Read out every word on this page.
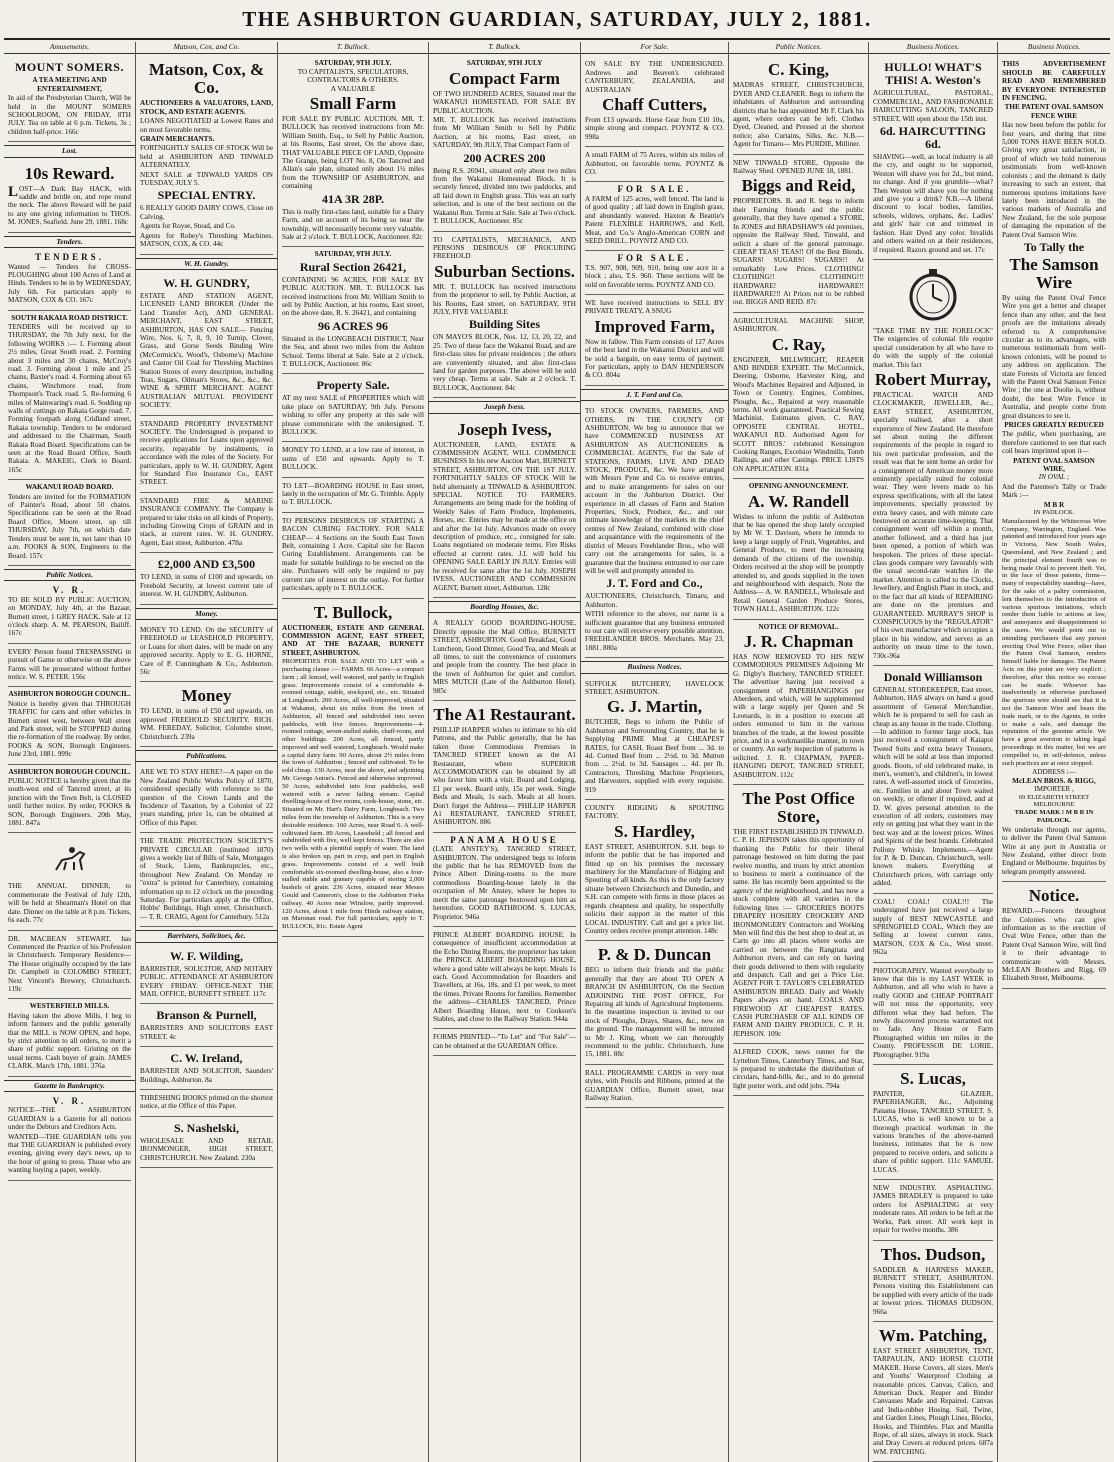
THE ASHBURTON GUARDIAN, SATURDAY, JULY 2, 1881.
Amusements.
MOUNT SOMERS.
A TEA MEETING AND ENTERTAINMENT,
In aid of the Presbyterian Church, Will be held in the MOUNT SOMERS SCHOOLROOM, ON FRIDAY, 8TH JULY. Tea on table at 6 p.m. Tickets, 3s ; children half-price. 166c
Lost.
10s Reward.
LOST—A Dark Bay HACK, with saddle and bridle on, and rope round the neck. The above Reward will be paid to any one giving information to THOS. M. JONES, Seafield. June 29, 1881. 168c
Tenders.
TENDERS.
Wanted — Tenders for CROSS-PLOUGHING about 100 Acres of Land at Hinds. Tenders to be in by WEDNESDAY, July 6th. For particulars apply to MATSON, COX & CO. 167c
SOUTH RAKAIA ROAD DISTRICT.
TENDERS will be received up to THURSDAY, the 7th July next, for the following WORKS :— 1. Forming about 2½ miles, Great South road. 2. Forming about 3 miles and 30 chains, McCroy's road. 3. Forming about 1 mile and 25 chains, Baxter's road. 4. Forming about 65 chains, Winchmore road, from Thompson's Track road. 5. Re-forming 6 miles of Mainwaring's road. 6. Sodding up walls of cuttings on Rakaia Gorge road. 7. Forming footpath along Cridland street, Rakaia township. Tenders to be endorsed and addressed to the Chairman, South Rakaia Road Board. Specifications can be seen at the Road Board Office, South Rakaia. A. MAKEIG, Clerk to Board. 165c
WAKANUI ROAD BOARD.
Tenders are invited for the FORMATION of Painter's Road, about 50 chains. Specifications can be seen at the Road Board Office, Moore street, up till THURSDAY, July 7th, on which date Tenders must be sent in, not later than 10 a.m. FOOKS & SON, Engineers to the Board. 157c
Public Notices.
V. R.
TO BE SOLD BY PUBLIC AUCTION, on MONDAY, July 4th, at the Bazaar, Burnett street, 1 GREY HACK. Sale at 12 o'clock sharp. A. M. PEARSON, Bailiff. 167c
EVERY Person found TRESPASSING in pursuit of Game or otherwise on the above Farms will be prosecuted without further notice. W. S. PETER. 156c
ASHBURTON BOROUGH COUNCIL.
Notice is hereby given that THROUGH TRAFFIC for carts and other vehicles in Burnett street west, between Wall street and Park street, will be STOPPED during the re-formation of the roadway. By order, FOOKS & SON, Borough Engineers. June 23rd, 1881. 999c
ASHBURTON BOROUGH COUNCIL.
PUBLIC NOTICE is hereby given that the south-west end of Tancred street, at its junction with the Town Belt, is CLOSED until further notice. By order, FOOKS & SON, Borough Engineers. 20th May, 1881. 847a
THE ANNUAL DINNER, to commemorate the Festival of July 12th, will be held at Shearman's Hotel on that date. Dinner on the table at 8 p.m. Tickets, 6s each. 77c
DR. MACBEAN STEWART, has Commenced the Practice of his Profession in Christchurch. Temporary Residence—The House originally occupied by the late Dr. Campbell in COLOMBO STREET, Next Vincent's Brewery, Christchurch. 119c
WESTERFIELD MILLS.
Having taken the above Mills, I beg to inform farmers and the public generally that the MILL is NOW OPEN, and hope, by strict attention to all orders, to merit a share of public support. Gristing on the usual terms. Cash buyer of grain. JAMES CLARK. March 17th, 1881. 376a
Gazette in Bankruptcy.
V. R.
NOTICE—THE ASHBURTON GUARDIAN is a Gazette for all notices under the Debtors and Creditors Acts.
WANTED—THE GUARDIAN tells you that THE GUARDIAN is published every evening, giving every day's news, up to the hour of going to press. Those who are wanting buying a paper, weekly.
Matson, Cox, and Co.
Matson, Cox, & Co.
AUCTIONEERS & VALUATORS, LAND, STOCK, AND ESTATE AGENTS.
LOANS NEGOTIATED at Lowest Rates and on most favorable terms.
GRAIN MERCHANTS.
FORTNIGHTLY SALES OF STOCK Will be held at ASHBURTON AND TINWALD ALTERNATELY.
NEXT SALE at TINWALD YARDS ON TUESDAY, JULY 5.
SPECIAL ENTRY.
6 REALLY GOOD DAIRY COWS, Close on Calving.
Agents for Royse, Stead, and Co.
Agents for Robey's Threshing Machines. MATSON, COX, & CO. 44c
W. H. Gundry.
W. H. GUNDRY,
ESTATE AND STATION AGENT, LICENSED LAND BROKER (Under the Land Transfer Act), AND GENERAL MERCHANT, EAST STREET, ASHBURTON, HAS ON SALE— Fencing Wire, Nos. 6, 7, 8, 9, 10 Turnip, Clover, Grass, and Gorse Seeds Binding Wire (McCormick's, Wood's, Osborne's) Machine and Castor Oil Coal for Threshing Machines Station Stores of every description, including Teas, Sugars, Oilman's Stores, &c., &c., &c. WINE & SPIRIT MERCHANT. AGENT AUSTRALIAN MUTUAL PROVIDENT SOCIETY.
STANDARD PROPERTY INVESTMENT SOCIETY. The Undersigned is prepared to receive applications for Loans upon approved security, repayable by instalments, in accordance with the rules of the Society. For particulars, apply to W. H. GUNDRY, Agent for Standard Fire Insurance Co., EAST STREET.
STANDARD FIRE & MARINE INSURANCE COMPANY. The Company is prepared to take risks on all kinds of Property, including Growing Crops of GRAIN and in stack, at current rates. W. H. GUNDRY, Agent, East street, Ashburton. 478a
£2,000 AND £3,500
TO LEND, in sums of £100 and upwards, on Freehold Security, at lowest current rate of interest. W. H. GUNDRY, Ashburton.
Money.
MONEY TO LEND. On the SECURITY of FREEHOLD or LEASEHOLD PROPERTY, or Loans for short dates, will be made on any approved security. Apply to E. G. HORNE, Care of P. Cunningham & Co., Ashburton. 56c
Money
TO LEND, in sums of £50 and upwards, on approved FREEHOLD SECURITY. RICH. WM. FEREDAY, Solicitor, Colombo street, Christchurch. 239a
Publications.
ARE WE TO STAY HERE?—A paper on the New Zealand Public Works Policy of 1870, considered specially with reference to the question of the Crown Lands and the Incidence of Taxation, by a Colonist of 22 years standing, price 1s, can be obtained at Office of this Paper.
THE TRADE PROTECTION SOCIETY'S PRIVATE CIRCULAR (instituted 1870) gives a weekly list of Bills of Sale, Mortgages of Stock, Liens, Bankruptcies, etc., throughout New Zealand. On Monday re "extra" is printed for Canterbury, containing information up to 12 o'clock on the preceding Saturday. For particulars apply at the Office, Hobbs' Buildings, High street, Christchurch.— T. R. CRAIG, Agent for Canterbury. 512a
Barristers, Solicitors, &c.
W. F. Wilding,
BARRISTER, SOLICITOR, AND NOTARY PUBLIC. ATTENDANCE AT ASHBURTON EVERY FRIDAY. OFFICE-NEXT THE MAIL OFFICE, BURNETT STREET. 117c
Branson & Purnell,
BARRISTERS AND SOLICITORS EAST STREET. 4c
C. W. Ireland,
BARRISTER AND SOLICITOR, Saunders' Buildings, Ashburton. 8a
THRESHING BOOKS printed on the shortest notice, at the Office of this Paper.
S. Nashelski,
WHOLESALE AND RETAIL IRONMONGER, HIGH STREET, CHRISTCHURCH. New Zealand. 230a
T. Bullock.
SATURDAY, 9TH JULY.
TO CAPITALISTS, SPECULATORS, CONTRACTORS & OTHERS.
A VALUABLE
Small Farm
FOR SALE BY PUBLIC AUCTION. MR. T. BULLOCK has received instructions from Mr. William Smith, Esq., to Sell by Public Auction, at his Rooms, East street, On the above date, THAT VALUABLE PIECE OF LAND, Opposite The Grange, being LOT No. 8, On Tancred and Allan's sale plan, situated only about 1½ miles from the TOWNSHIP OF ASHBURTON, and containing
41A 3R 28P.
This is really first-class land, suitable for a Dairy Farm, and on account of its being so near the township, will necessarily become very valuable. Sale at 2 o'clock. T. BULLOCK, Auctioneer. 82c
SATURDAY, 9TH JULY.
Rural Section 26421,
CONTAINING 96 ACRES, FOR SALE BY PUBLIC AUCTION. MR. T. BULLOCK has received instructions from Mr. William Smith to sell by Public Auction, at his rooms, East street, on the above date, R. S. 26421, and containing
96 ACRES 96
Situated in the LONGBEACH DISTRICT, Near the Sea, and about two miles from the Ashton School. Terms liberal at Sale. Sale at 2 o'clock. T. BULLOCK, Auctioneer. 86c
Property Sale.
AT my next SALE of PROPERTIES which will take place on SATURDAY, 9th July. Persons wishing to offer any property at this sale will please communicate with the undersigned. T. BULLOCK.
MONEY TO LEND, at a low rate of interest, in sums of £50 and upwards. Apply to T. BULLOCK.
TO LET—BOARDING HOUSE in East street, lately in the occupation of Mr. G. Trimble. Apply to T. BULLOCK.
TO PERSONS DESIROUS OF STARTING A BACON CURING FACTORY. FOR SALE CHEAP— 4 Sections on the South East Town Belt, containing 1 Acre. Capital site for Bacon Curing Establishment. Arrangements can be made for suitable buildings to be erected on the site. Purchasers will only be required to pay current rate of interest on the outlay. For further particulars, apply to T. BULLOCK.
T. Bullock,
AUCTIONEER, ESTATE AND GENERAL COMMISSION AGENT, EAST STREET, AND AT THE BAZAAR, BURNETT STREET, ASHBURTON.
PROPERTIES FOR SALE AND TO LET with a purchasing clause :— FARMS. 66 Acres—a compact farm ; all fenced, well watered, and partly in English grass. Improvements consist of a comfortable 4-roomed cottage, stable, stockyard, etc., etc. Situated at Longbeach. 200 Acres, all well-improved, situated at Wakanui, about six miles from the town of Ashburton, all fenced and subdivided into seven paddocks, with live fences. Improvements—4-roomed cottage, seven-stalled stable, chaff-room, and other buildings. 200 Acres, all fenced, partly improved and well watered, Longbeach. Would make a capital dairy farm. 90 Acres, about 2½ miles from the town of Ashburton ; fenced and cultivated. To be sold cheap. 130 Acres, near the above, and adjoining Mr. George Anton's. Fenced and otherwise improved. 50 Acres, subdivided into four paddocks, well watered with a never failing stream. Capital dwelling-house of five rooms, cook-house, stone, etc. Situated on Mr. Hart's Dairy Farm, Longbeach. Two miles from the township of Ashburton. This is a very desirable residence. 160 Acres, near Road 6. A well-cultivated farm. 89 Acres, Leaseheld ; all fenced and subdivided with five, well kept fences. There are also two wells with a plentiful supply of water. The land is also broken up, part in crop, and part in English grass. Improvements consist of a well built comfortable six-roomed dwelling-house, also a four-stalled stable and granary capable of storing 2,000 bushels of grain. 236 Acres, situated near Messrs Gould and Cameron's, close to the Ashburton Forks railway. 40 Acres near Winslow, partly improved. 120 Acres, about 1 mile from Hinds railway station, on Maronan road. For full particulars, apply to T. BULLOCK, 81c. Estate Agent
T. Bullock.
SATURDAY, 9TH JULY
Compact Farm
OF TWO HUNDRED ACRES, Situated near the WAKANUI HOMESTEAD, FOR SALE BY PUBLIC AUCTION.
MR. T. BULLOCK has received instructions from Mr William Smith to Sell by Public Auction, at his rooms, East street, on SATURDAY, 9th JULY, That Compact Farm of
200 ACRES 200
Being R.S. 26941, situated only about two miles from the Wakanui Homestead Block. It is securely fenced, divided into two paddocks, and all laid down in English grass. This was an early selection, and is one of the best sections on the Wakanui Run. Terms at Sale. Sale at Two o'clock. T. BULLOCK, Auctioneer. 85c
TO CAPITALISTS, MECHANICS, AND PERSONS DESIROUS OF PROCURING FREEHOLD
Suburban Sections.
MR. T. BULLOCK has received instructions from the proprietor to sell, by Public Auction, at his Rooms, East street, on SATURDAY, 9TH JULY, FIVE VALUABLE
Building Sites
ON MAYO'S BLOCK, Nos. 12, 13, 20, 22, and 25. Two of these face the Wakanui Road, and are first-class sites for private residences ; the others are conveniently situated, and also first-class land for garden purposes. The above will be sold very cheap. Terms at sale. Sale at 2 o'clock. T. BULLOCK, Auctioneer. 84c
Joseph Ivess.
Joseph Ivess,
AUCTIONEER, LAND, ESTATE & COMMISSION AGENT, WILL COMMENCE BUSINESS In his new Auction Mart, BURNETT STREET, ASHBURTON, ON THE 1ST JULY. FORTNIGHTLY SALES OF STOCK Will be held alternately at TINWALD & ASHBURTON. SPECIAL NOTICE TO FARMERS. Arrangements are being made for the holding of Weekly Sales of Farm Produce, Implements, Horses, etc. Entries may be made at the office on and after the 1st July. Advances made on every description of produce, etc., consigned for sale. Loans negotiated on moderate terms. Fire Risks effected at current rates. J.I. will hold his OPENING SALE EARLY IN JULY. Entries will be received for same after the 1st July. JOSEPH IVESS, AUCTIONEER AND COMMISSION AGENT, Burnett street, Ashburton. 128c
Boarding Houses, &c.
A REALLY GOOD BOARDING-HOUSE, Directly opposite the Mail Office, BURNETT STREET, ASHBURTON. Good Breakfast, Good Luncheon, Good Dinner, Good Tea, and Meals at all times, to suit the convenience of customers and people from the country. The best place in the town of Ashburton for quiet and comfort. MRS MUTCH (Late of the Ashburton Hotel). 985c
The A1 Restaurant.
PHILLIP HARPER wishes to intimate to his old Patrons, and the Public generally, that he has taken those Commodious Premises in TANCRED STREET known as the A1 Restaurant, where SUPERIOR ACCOMMODATION can be obtained by all who favor him with a visit. Board and Lodging, £1 per week. Board only, 15s per week. Single Beds and Meals, 1s each. Meals at all hours. Don't forget the Address— PHILLIP HARPER A1 RESTAURANT, TANCRED STREET, ASHBURTON. 886
PANAMA HOUSE
(LATE ANSTEY'S), TANCRED STREET, ASHBURTON. The undersigned begs to inform the public that he has REMOVED from the Prince Albert Dining-rooms to the more commodious Boarding-house lately in the occupation of Mr Anstey, where he hopes to merit the same patronage bestowed upon him as heretofore. GOOD BATHROOM. S. LUCAS, Proprietor. 946a
PRINCE ALBERT BOARDING HOUSE. In consequence of insufficient accommodation at the Echo Dining Rooms, the proprietor has taken the PRINCE ALBERT BOARDING HOUSE, where a good table will always be kept. Meals 1s each. Good Accommodation for Boarders and Travellers, at 16s, 18s, and £1 per week, to meet the times. Private Rooms for families. Remember the address—CHARLES TANCRED, Prince Albert Boarding House, next to Cookson's Stables, and close to the Railway Station. 944a
FORMS PRINTED—"To Let" and "For Sale"—can be obtained at the GUARDIAN Office.
For Sale.
ON SALE BY THE UNDERSIGNED. Andrews and Beaven's celebrated CANTERBURY, ZEALANDIA, and AUSTRALIAN
Chaff Cutters,
From £13 upwards. Horse Gear from £10 10s, simple strong and compact. POYNTZ & CO. 998a
A small FARM of 75 Acres, within six miles of Ashburton, on favorable terms. POYNTZ & CO.
FOR SALE.
A FARM of 125 acres, well fenced. The land is of good quality ; all laid down in English grass, and abundantly watered. Haxton & Beattie's Patent FLEXIBLE HARROWS, and Kell, Meat, and Co.'s Anglo-American CORN and SEED DRILL. POYNTZ AND CO.
FOR SALE.
T.S. 907, 908, 909, 910, being one acre in a block ; also, T.S. 960. These sections will be sold on favorable terms. POYNTZ AND CO.
WE have received instructions to SELL BY PRIVATE TREATY, A SNUG
Improved Farm,
Now in fallow. This Farm consists of 127 Acres of the best land in the Wakanui District and will be sold a bargain, on easy terms of payment. For particulars, apply to DAN HENDERSON & CO. 804a
J. T. Ford and Co.
TO STOCK OWNERS, FARMERS, AND OTHERS, IN THE COUNTY OF ASHBURTON. We beg to announce that we have COMMENCED BUSINESS AT ASHBURTON AS AUCTIONEERS & COMMERCIAL AGENTS, For the Sale of STATIONS, FARMS, LIVE AND DEAD STOCK, PRODUCE, &c. We have arranged with Messrs Pyne and Co. to receive entries, and to make arrangements for sales on our account in the Ashburton District. Our experience in all classes of Farm and Station Properties, Stock, Produce, &c., and our intimate knowledge of the markets in the chief centres of New Zealand, combined with close and acquaintance with the requirements of the district of Messrs Freehlander Bros., who will carry out the arrangements for sales, is a guarantee that the business entrusted to our care will be well and promptly attended to.
J. T. Ford and Co.,
AUCTIONEERS, Christchurch, Timaru, and Ashburton.
WITH reference to the above, our name is a sufficient guarantee that any business entrusted to our care will receive every possible attention. FREEHLANDER BROS. Merchants. May 23, 1881. 880a
Business Notices.
SUFFOLK BUTCHERY, HAVELOCK STREET, ASHBURTON.
G. J. Martin,
BUTCHER, Begs to inform the Public of Ashburton and Surrounding Country, that he is Supplying PRIME Meat at CHEAPEST RATES, for CASH. Roast Beef from ... 3d. to 4d. Corned Beef from ... 2½d. to 3d. Mutton from ... 2½d. to 3d. Sausages ... 4d. per lb. Contractors, Threshing Machine Proprietors, and Harvesters, supplied with every requisite. 919
COUNTY RIDGING & SPOUTING FACTORY.
S. Hardley,
EAST STREET, ASHBURTON. S.H. begs to inform the public that he has imported and fitted up on his premises the necessary machinery for the Manufacture of Ridging and Spouting of all kinds. As this is the only factory situate between Christchurch and Dunedin, and S.H. can compete with firms in those places as regards cheapness and quality, he respectfully solicits their support in the matter of this LOCAL INDUSTRY. Call and get a price list. Country orders receive prompt attention. 148c
P. & D. Duncan
BEG to inform their friends and the public generally that they are about TO OPEN A BRANCH IN ASHBURTON, On the Section ADJOINING THE POST OFFICE, For Repairing all kinds of Agricultural Implements. In the meantime inspection is invited to our stock of Ploughs, Drays, Shares, &c., now on the ground. The management will be intrusted to Mr J. King, whom we can thoroughly recommend to the public. Christchurch, June 15, 1881. 88c
RALL PROGRAMME CARDS in very neat styles, with Pencils and Ribbons, printed at the GUARDIAN Office, Burnett street, near Railway Station.
Public Notices.
C. King,
MADRAS STREET, CHRISTCHURCH, DYER AND CLEANER. Begs to inform the inhabitants of Ashburton and surrounding districts that he has appointed Mr F. Clark his agent, where orders can be left. Clothes Dyed, Cleaned, and Pressed at the shortest notice; also Curtains, Silks, &c. N.B.—Agent for Timaru— Mrs PURDIE, Milliner.
NEW TINWALD STORE, Opposite the Railway Shed. OPENED JUNE 18, 1881.
Biggs and Reid,
PROPRIETORS. B. and R. begs to inform their Farming friends and the public generally, that they have opened a STORE, In JONES and BRADSHAW'S old premises, opposite the Railway Shed, Tinwald, and solicit a share of the general patronage. CHEAP TEAS! TEAS!! Of the Best Blends. SUGARS! SUGARS! SUGARS!! At remarkably Low Prices. CLOTHING! CLOTHING!! CLOTHING!!! HARDWARE! HARDWARE!! HARDWARE!!! At Prices not to be rubbed out. BIGGS AND REID. 87c
AGRICULTURAL MACHINE SHOP, ASHBURTON.
C. Ray,
ENGINEER, MILLWRIGHT, REAPER AND BINDER EXPERT. The McCormick, Deering, Osborne, Harvester King, and Wood's Machines Repaired and Adjusted, in Town or Country. Engines, Combines, Ploughs, &c., Repaired at very reasonable terms. All work guaranteed. Practical Sewing Machinist. Estimates given. C. RAY, OPPOSITE CENTRAL HOTEL, WAKANUI RD. Authorised Agent for SCOTT BROS.' celebrated Kensington Cooking Ranges, Excelsior Windmills, Tomb Railings, and other Castings. PRICE LISTS ON APPLICATION. 831a
OPENING ANNOUNCEMENT.
A. W. Randell
Wishes to inform the public of Ashburton that he has opened the shop lately occupied by Mr W. T. Davison, where he intends to keep a large supply of Fruit, Vegetables, and General Produce, to meet the increasing demands of the citizens of the township. Orders received at the shop will be promptly attended to, and goods supplied in the town and neighbourhood with despatch. Note the Address— A. W. RANDELL, Wholesale and Retail General Garden Produce Stores, TOWN HALL, ASHBURTON. 122c
NOTICE OF REMOVAL.
J. R. Chapman
HAS NOW REMOVED TO HIS NEW COMMODIOUS PREMISES Adjoining Mr G. Digby's Butchery, TANCRED STREET. The advertiser having just received a consignment of PAPERHANGINGS per Aberdeen, and which, will be supplemented with a large supply per Queen and St Leonards, is in a position to execute all orders entrusted to him in the various branches of the trade, at the lowest possible price, and in a workmanlike manner, in town or country. An early inspection of patterns is solicited. J. R. CHAPMAN, PAPER-HANGING DEPOT, TANCRED STREET, ASHBURTON. 112c
The Post Office Store,
THE FIRST ESTABLISHED IN TINWALD. C. P. H. JEPHSON takes this opportunity of thanking the Public for their liberal patronage bestowed on him during the past twelve months, and trusts by strict attention to business to merit a continuance of the same. He has recently been appointed to the agency of the neighbourhood, and has now a stock complete with all varieties in the following lines :— GROCERIES BOOTS DRAPERY HOSIERY CROCKERY AND IRONMONGERY Contractors and Working Men will find this the best shop to deal at, as Carts go into all places where works are carried on between the Rangitata and Ashburton rivers, and can rely on having their goods delivered to them with regularity and despatch. Call and get a Price List. AGENT FOR T. TAYLOR'S CELEBRATED ASHBURTON BREAD. Daily and Weekly Papers always on hand. COALS AND FIREWOOD AT CHEAPEST RATES. CASH PURCHASER OF ALL KINDS OF FARM AND DAIRY PRODUCE. C. P. H. JEPHSON. 109c
ALFRED COOK, news runner for the Lyttelton Times, Canterbury Times, and Star, is prepared to undertake the distribution of circulars, hand-bills, &c., and to do general light porter work, and odd jobs. 794a
Business Notices.
HULLO! WHAT'S THIS! A. Weston's
AGRICULTURAL, PASTORAL, COMMERCIAL, AND FASHIONABLE HAIRCUTTING SALOON, TANCRED STREET, Will open about the 15th inst.
6d. HAIRCUTTING 6d.
SHAVING—well, as local industry is all the cry, and ought to be supported, Weston will shave you for 2d., but mind, no change. And if you grumble—what? Then Weston will shave you for nothing and give you a drink? N.B.—A liberal discount to local bodies, families, schools, widows, orphans, &c. Ladies' and girls' hair cut and trimmed in fashion. Hair Dyed any color. Invalids and others waited on at their residences, if required. Razors ground and set. 17c
"TAKE TIME BY THE FORELOCK" The exigencies of colonial life require special consideration by all who have to do with the supply of the colonial market. This fact
Robert Murray,
PRACTICAL WATCH AND CLOCKMAKER, JEWELLER, &c., EAST STREET, ASHBURTON, specially realised, after a short experience of New Zealand. He therefore set about noting the different requirements of the people in regard to his own particular profession, and the result was that he sent home an order for a consignment of American money more eminently specially suited for colonial wear. They were levers made to his express specifications, with all the latest improvements, specially protected by extra heavy cases, and with minute care bestowed on accurate time-keeping. That consignment went off within a month, another followed, and a third has just been opened, a portion of which was bespoken. The prices of these special-class goods compare very favorably with the usual second-rate watches in the market. Attention is called to the Clocks, Jewellery, and English Plate in stock, and to the fact that all kinds of REPAIRING are done on the premises and GUARANTEED. MURRAY'S SHOP is CONSPICUOUS by the "REGULATOR" of his own manufacture which occupies a place in his window, and serves as an authority on mean time to the town. 730c-96a
Donald Williamson
GENERAL STOREKEEPER, East street, Ashburton, HAS always on hand a good assortment of General Merchandise, which he is prepared to sell for cash as cheap as any house in the trade. Clothing.—In addition to former large stock, has just received a consignment of Kaiapoi Tweed Suits and extra heavy Trousers, which will be sold at less than imported goods. Boots, of old celebrated make, in men's, women's, and children's, in lowest rates. A well-assorted stock of Groceries, etc. Families in and about Town waited on weekly, or oftener if required, and at D. W. gives personal attention to the execution of all orders, customers may rely on getting just what they want in the best way and at the lowest prices. Wines and Spirits of the best brands. Celebrated Pollony Whisky. Implements.—Agent for P. & D. Duncan, Christchurch, well-known makers. Everything at Christchurch prices, with carriage only added.
COAL! COAL! COAL!!! The undersigned have just received a large supply of BEST NEWCASTLE and SPRINGFIELD COAL, Which they are Selling at lowest current rates. MATSON, COX & Co., West street. 962a
PHOTOGRAPHY. Wanted everybody to know that this is my LAST WEEK in Ashburton, and all who wish to have a really GOOD and CHEAP PORTRAIT will not miss the opportunity, very different what they had before. The newly discovered process warranted not to fade. Any House or Farm Photographed within ten miles in the County. PROFESSOR DE LORIE, Photographer. 919a
S. Lucas,
PAINTER, GLAZIER, PAPERHANGER, &c., Adjoining Panama House, TANCRED STREET. S. LUCAS, who is well known to be a thorough practical workman in the various branches of the above-named business, intimates that he is now prepared to receive orders, and solicits a share of public support. 111c SAMUEL LUCAS.
NEW INDUSTRY. ASPHALTING. JAMES BRADLEY is prepared to take orders for ASPHALTING at very moderate rates. All orders to be left at the Works, Park street. All work kept in repair for twelve months. 386
Thos. Dudson,
SADDLER & HARNESS MAKER, BURNETT STREET, ASHBURTON. Persons visiting this Establishment can be supplied with every article of the trade at lowest prices. THOMAS DUDSON. 966a
Wm. Patching,
EAST STREET ASHBURTON, TENT, TARPAULIN, AND HORSE CLOTH MAKER. Horse Covers, all sizes. Men's and Youths' Waterproof Clothing at reasonable prices. Canvas, Calico, and American Duck. Reaper and Binder Canvasses Made and Repaired. Canvas and India-rubber Hosing. Sail, Twine, and Garden Lines, Plough Lines, Blocks, Hooks, and Thimbles. Flax and Manilla Rope, of all sizes, always in stock. Stack and Dray Covers at reduced prices. 687a WM. PATCHING.
Business Notices.
THIS ADVERTISEMENT SHOULD BE CAREFULLY READ AND REMEMBERED BY EVERYONE INTERESTED IN FENCING.
THE PATENT OVAL SAMSON FENCE WIRE
Has now been before the public for four years, and during that time 5,000 TONS HAVE BEEN SOLD. Giving very great satisfaction, in proof of which we hold numerous testimonials from well-known colonists ; and the demand is daily increasing to such an extent, that numerous spurious imitations have lately been introduced in the various markets of Australia and New Zealand, for the sole purpose of damaging the reputation of the Patent Oval Samson Wire.
To Tally the
The Samson Wire
By using the Patent Oval Fence Wire you get a better and cheaper fence than any other, and the best proofs are the imitations already referred to. A comprehensive circular as to its advantages, with numerous testimonials from well-known colonists, will be posted to any address on application. The state Forests of Victoria are fenced with the Patent Oval Samson Fence Wire ; the one at Doolie is, without doubt, the best Wire Fence in Australia, and people come from great distances to see it.
PRICES GREATLY REDUCED
The public, when purchasing, are therefore cautioned to see that each coil bears imprinted upon it—
PATENT OVAL SAMSON WIRE,
IN OVAL ;
And the Patentee's Tally or Trade Mark :—
M B R
IN PADLOCK.
Manufactured by the Whitecross Wire Company, Warrington, England. Was patented and introduced four years ago in Victoria, New South Wales, Queensland, and New Zealand ; and the principal element fourth was to being made Oval to prevent theft. Yet, in the face of those patents, firms—many of respectability standing—have, for the sake of a paltry commission, lent themselves to the introduction of various spurious imitations, which render them liable to actions at law, and annoyance and disappointment to the users. We would point out to intending purchasers that any person erecting Oval Wire Fence, other than the Patent Oval Samson, renders himself liable for damages. The Patent Acts on this point are very explicit ; therefore, after this notice no excuse can be made. Whoever has inadvertently or otherwise purchased the spurious wire should see that it is not the Samson Wire and bears the trade mark, or to the Agents, in order to make a sale, and damage the reputation of the genuine article. We have a great aversion to taking legal proceedings in this matter, but we are compelled to, in self-defence, unless such practices are at once stopped.
ADDRESS :—
McLEAN BROS. & RIGG,
IMPORTER ,
69 ELIZABETH STREET MELBOURNE
TRADE MARK ! M B R IN PADLOCK.
We undertake through our agents, to deliver the Patent Oval Samson Wire at any port in Australia or New Zealand, either direct from England or Melbourne. Inquiries by telegram promptly answered.
Notice.
REWARD.—Fencers throughout the Colonies who can give information as to the erection of Oval Wire Fence, other than the Patent Oval Samson Wire, will find it to their advantage to communicate with Messrs. McLEAN Brothers and Rigg, 69 Elizabeth Street, Melbourne.
